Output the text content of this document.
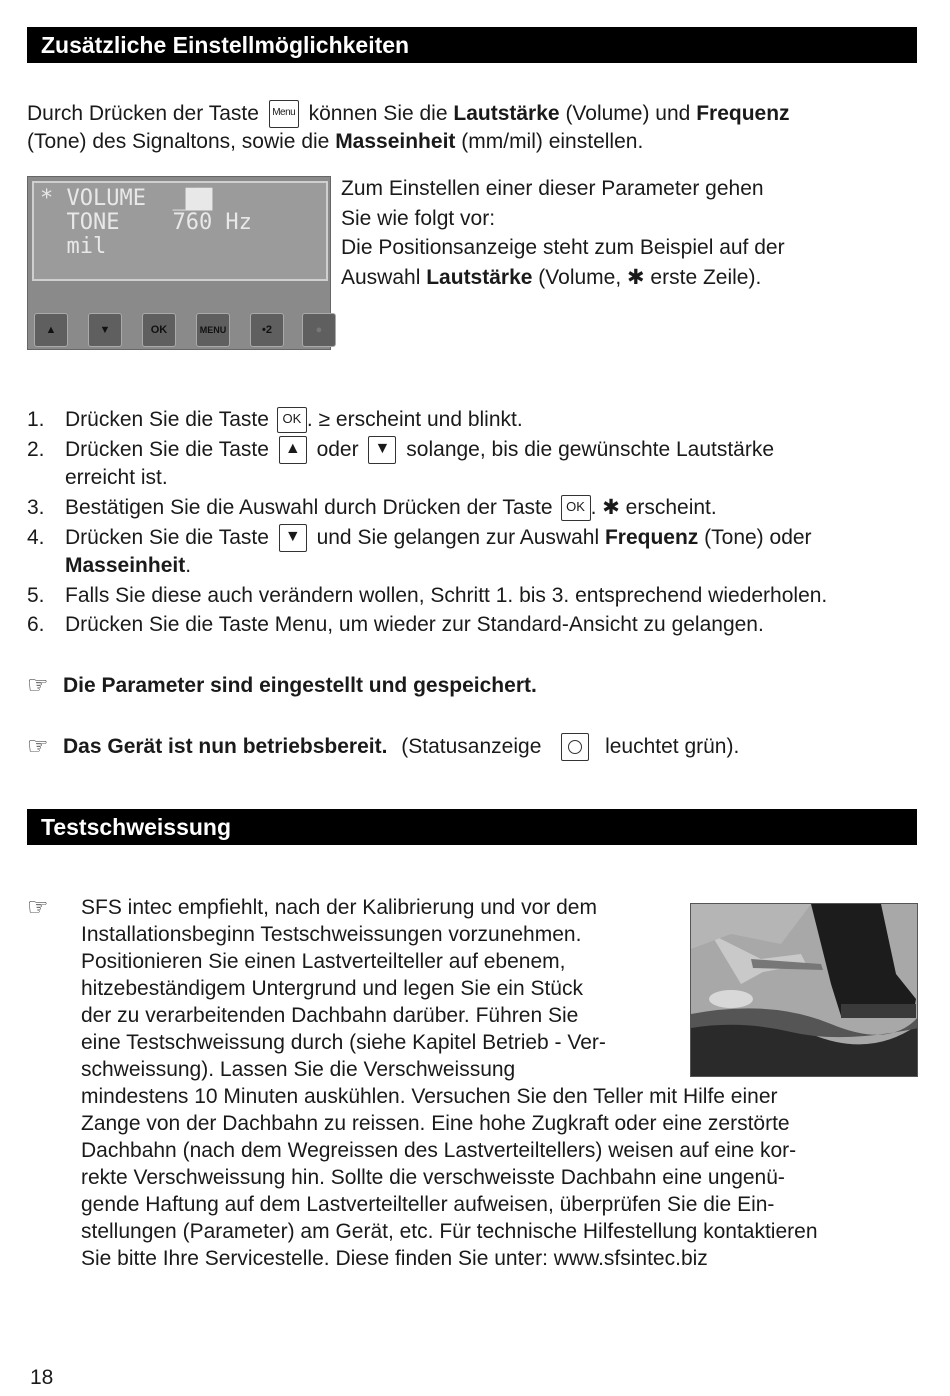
Zusätzliche Einstellmöglichkeiten
Durch Drücken der Taste Menu können Sie die Lautstärke (Volume) und Frequenz
(Tone) des Signaltons, sowie die Masseinheit (mm/mil) einstellen.
* VOLUME  _▇▇
TONE    760 Hz
mil
▲	▼	OK	MENU	•2	●
Zum Einstellen einer dieser Parameter gehen
Sie wie folgt vor:
Die Positionsanzeige steht zum Beispiel auf der
Auswahl Lautstärke (Volume, ✱ erste Zeile).
1. Drücken Sie die Taste OK . ≥ erscheint und blinkt.
2. Drücken Sie die Taste ▲ oder ▼ solange, bis die gewünschte Lautstärke
erreicht ist.
3. Bestätigen Sie die Auswahl durch Drücken der Taste OK . ✱ erscheint.
4. Drücken Sie die Taste ▼ und Sie gelangen zur Auswahl Frequenz (Tone) oder
Masseinheit.
5. Falls Sie diese auch verändern wollen, Schritt 1. bis 3. entsprechend wiederholen.
6. Drücken Sie die Taste Menu, um wieder zur Standard-Ansicht zu gelangen.
☞ Die Parameter sind eingestellt und gespeichert.
☞ Das Gerät ist nun betriebsbereit. (Statusanzeige	leuchtet grün).
Testschweissung
☞	SFS intec empfiehlt, nach der Kalibrierung und vor dem
Installationsbeginn Testschweissungen vorzunehmen.
Positionieren Sie einen Lastverteilteller auf ebenem,
hitzebeständigem Untergrund und legen Sie ein Stück
der zu verarbeitenden Dachbahn darüber. Führen Sie
eine Testschweissung durch (siehe Kapitel Betrieb - Ver-
schweissung). Lassen Sie die Verschweissung
mindestens 10 Minuten auskühlen. Versuchen Sie den Teller mit Hilfe einer
Zange von der Dachbahn zu reissen. Eine hohe Zugkraft oder eine zerstörte
Dachbahn (nach dem Wegreissen des Lastverteiltellers) weisen auf eine kor-
rekte Verschweissung hin. Sollte die verschweisste Dachbahn eine ungenü-
gende Haftung auf dem Lastverteilteller aufweisen, überprüfen Sie die Ein-
stellungen (Parameter) am Gerät, etc. Für technische Hilfestellung kontaktieren
Sie bitte Ihre Servicestelle. Diese finden Sie unter: www.sfsintec.biz
18
